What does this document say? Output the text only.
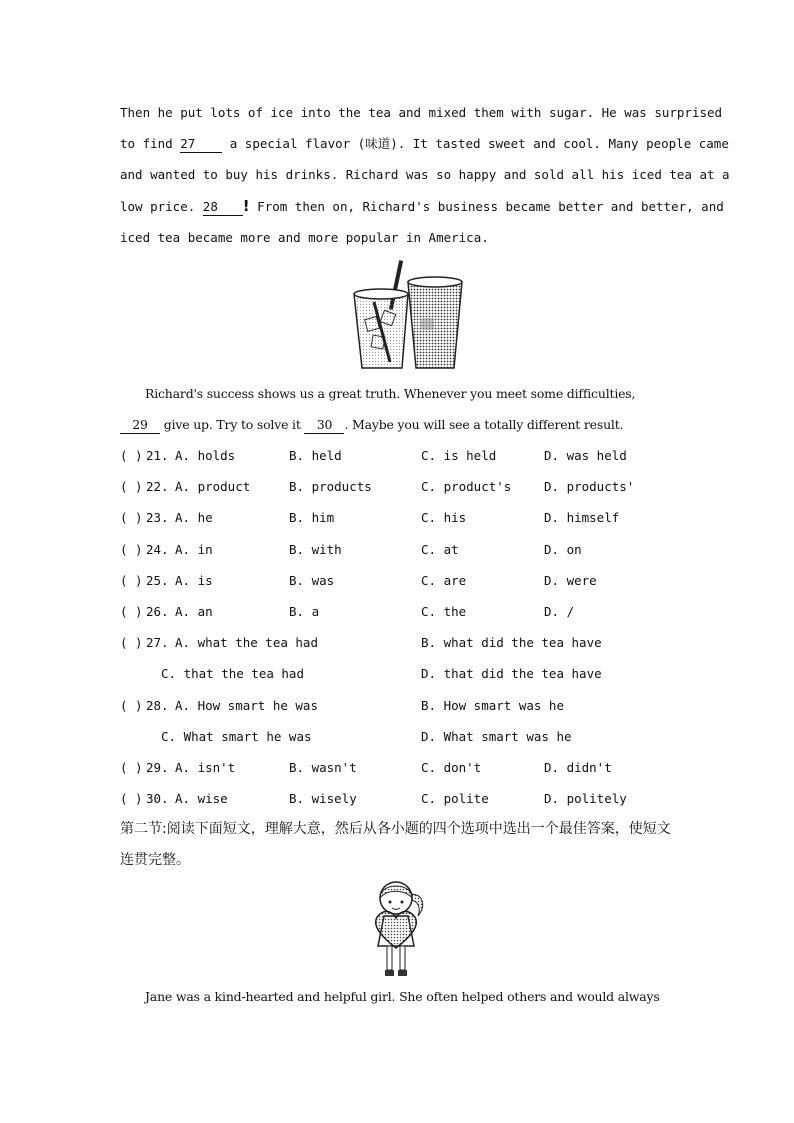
Then he put lots of ice into the tea and mixed them with sugar. He was surprised
to find 27 a special flavor (味道). It tasted sweet and cool. Many people came
and wanted to buy his drinks. Richard was so happy and sold all his iced tea at a
low price. 28 ! From then on, Richard's business became better and better, and
iced tea became more and more popular in America.
Richard's success shows us a great truth. Whenever you meet some difficulties,
29 give up. Try to solve it 30 . Maybe you will see a totally different result.
( ) 21. A. holds	B. held	C. is held	D. was held
( ) 22. A. product	B. products	C. product's	D. products'
( ) 23. A. he	B. him	C. his	D. himself
( ) 24. A. in	B. with	C. at	D. on
( ) 25. A. is	B. was	C. are	D. were
( ) 26. A. an	B. a	C. the	D. /
( ) 27. A. what the tea had	B. what did the tea have
C. that the tea had	D. that did the tea have
( ) 28. A. How smart he was	B. How smart was he
C. What smart he was	D. What smart was he
( ) 29. A. isn't	B. wasn't	C. don't	D. didn't
( ) 30. A. wise	B. wisely	C. polite	D. politely
第二节:阅读下面短文，理解大意，然后从各小题的四个选项中选出一个最佳答案，使短文
连贯完整。
Jane was a kind-hearted and helpful girl. She often helped others and would always
